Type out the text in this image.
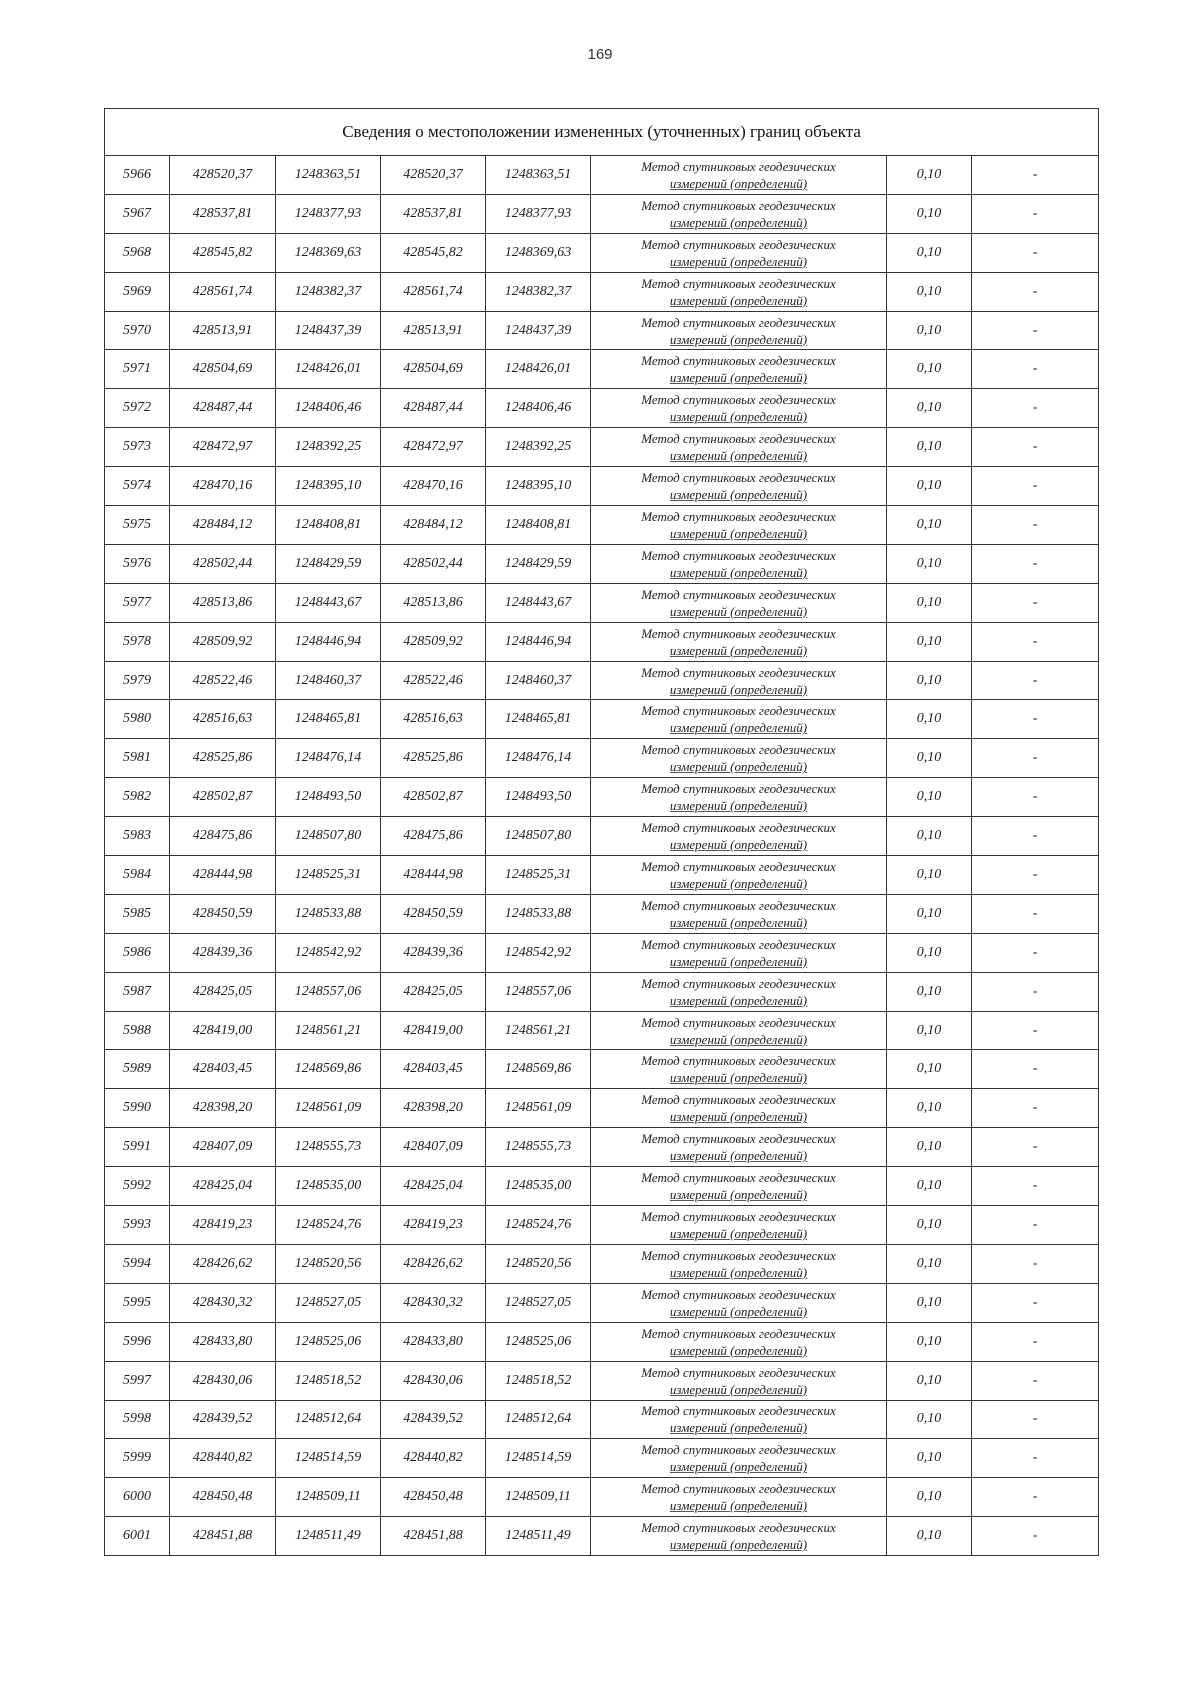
169
Сведения о местоположении измененных (уточненных) границ объекта							
5966	428520,37	1248363,51	428520,37	1248363,51	Метод спутниковых геодезических
измерений (определений)	0,10	-
5967	428537,81	1248377,93	428537,81	1248377,93	Метод спутниковых геодезических
измерений (определений)	0,10	-
5968	428545,82	1248369,63	428545,82	1248369,63	Метод спутниковых геодезических
измерений (определений)	0,10	-
5969	428561,74	1248382,37	428561,74	1248382,37	Метод спутниковых геодезических
измерений (определений)	0,10	-
5970	428513,91	1248437,39	428513,91	1248437,39	Метод спутниковых геодезических
измерений (определений)	0,10	-
5971	428504,69	1248426,01	428504,69	1248426,01	Метод спутниковых геодезических
измерений (определений)	0,10	-
5972	428487,44	1248406,46	428487,44	1248406,46	Метод спутниковых геодезических
измерений (определений)	0,10	-
5973	428472,97	1248392,25	428472,97	1248392,25	Метод спутниковых геодезических
измерений (определений)	0,10	-
5974	428470,16	1248395,10	428470,16	1248395,10	Метод спутниковых геодезических
измерений (определений)	0,10	-
5975	428484,12	1248408,81	428484,12	1248408,81	Метод спутниковых геодезических
измерений (определений)	0,10	-
5976	428502,44	1248429,59	428502,44	1248429,59	Метод спутниковых геодезических
измерений (определений)	0,10	-
5977	428513,86	1248443,67	428513,86	1248443,67	Метод спутниковых геодезических
измерений (определений)	0,10	-
5978	428509,92	1248446,94	428509,92	1248446,94	Метод спутниковых геодезических
измерений (определений)	0,10	-
5979	428522,46	1248460,37	428522,46	1248460,37	Метод спутниковых геодезических
измерений (определений)	0,10	-
5980	428516,63	1248465,81	428516,63	1248465,81	Метод спутниковых геодезических
измерений (определений)	0,10	-
5981	428525,86	1248476,14	428525,86	1248476,14	Метод спутниковых геодезических
измерений (определений)	0,10	-
5982	428502,87	1248493,50	428502,87	1248493,50	Метод спутниковых геодезических
измерений (определений)	0,10	-
5983	428475,86	1248507,80	428475,86	1248507,80	Метод спутниковых геодезических
измерений (определений)	0,10	-
5984	428444,98	1248525,31	428444,98	1248525,31	Метод спутниковых геодезических
измерений (определений)	0,10	-
5985	428450,59	1248533,88	428450,59	1248533,88	Метод спутниковых геодезических
измерений (определений)	0,10	-
5986	428439,36	1248542,92	428439,36	1248542,92	Метод спутниковых геодезических
измерений (определений)	0,10	-
5987	428425,05	1248557,06	428425,05	1248557,06	Метод спутниковых геодезических
измерений (определений)	0,10	-
5988	428419,00	1248561,21	428419,00	1248561,21	Метод спутниковых геодезических
измерений (определений)	0,10	-
5989	428403,45	1248569,86	428403,45	1248569,86	Метод спутниковых геодезических
измерений (определений)	0,10	-
5990	428398,20	1248561,09	428398,20	1248561,09	Метод спутниковых геодезических
измерений (определений)	0,10	-
5991	428407,09	1248555,73	428407,09	1248555,73	Метод спутниковых геодезических
измерений (определений)	0,10	-
5992	428425,04	1248535,00	428425,04	1248535,00	Метод спутниковых геодезических
измерений (определений)	0,10	-
5993	428419,23	1248524,76	428419,23	1248524,76	Метод спутниковых геодезических
измерений (определений)	0,10	-
5994	428426,62	1248520,56	428426,62	1248520,56	Метод спутниковых геодезических
измерений (определений)	0,10	-
5995	428430,32	1248527,05	428430,32	1248527,05	Метод спутниковых геодезических
измерений (определений)	0,10	-
5996	428433,80	1248525,06	428433,80	1248525,06	Метод спутниковых геодезических
измерений (определений)	0,10	-
5997	428430,06	1248518,52	428430,06	1248518,52	Метод спутниковых геодезических
измерений (определений)	0,10	-
5998	428439,52	1248512,64	428439,52	1248512,64	Метод спутниковых геодезических
измерений (определений)	0,10	-
5999	428440,82	1248514,59	428440,82	1248514,59	Метод спутниковых геодезических
измерений (определений)	0,10	-
6000	428450,48	1248509,11	428450,48	1248509,11	Метод спутниковых геодезических
измерений (определений)	0,10	-
6001	428451,88	1248511,49	428451,88	1248511,49	Метод спутниковых геодезических
измерений (определений)	0,10	-
